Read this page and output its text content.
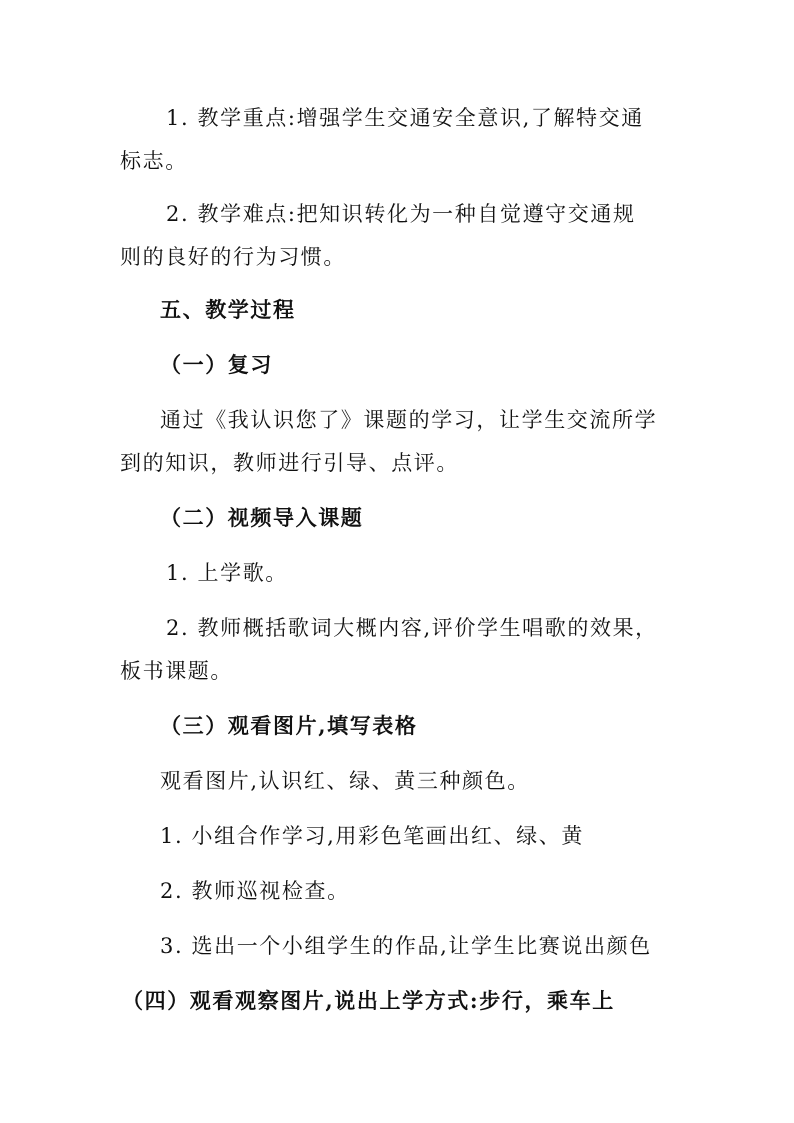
1. 教学重点:增强学生交通安全意识,了解特交通
标志。
2. 教学难点:把知识转化为一种自觉遵守交通规
则的良好的行为习惯。
五、教学过程
（一）复习
通过《我认识您了》课题的学习，让学生交流所学
到的知识，教师进行引导、点评。
（二）视频导入课题
1. 上学歌。
2. 教师概括歌词大概内容,评价学生唱歌的效果，
板书课题。
（三）观看图片,填写表格
观看图片,认识红、绿、黄三种颜色。
1. 小组合作学习,用彩色笔画出红、绿、黄
2. 教师巡视检查。
3. 选出一个小组学生的作品,让学生比赛说出颜色
（四）观看观察图片,说出上学方式:步行，乘车上
